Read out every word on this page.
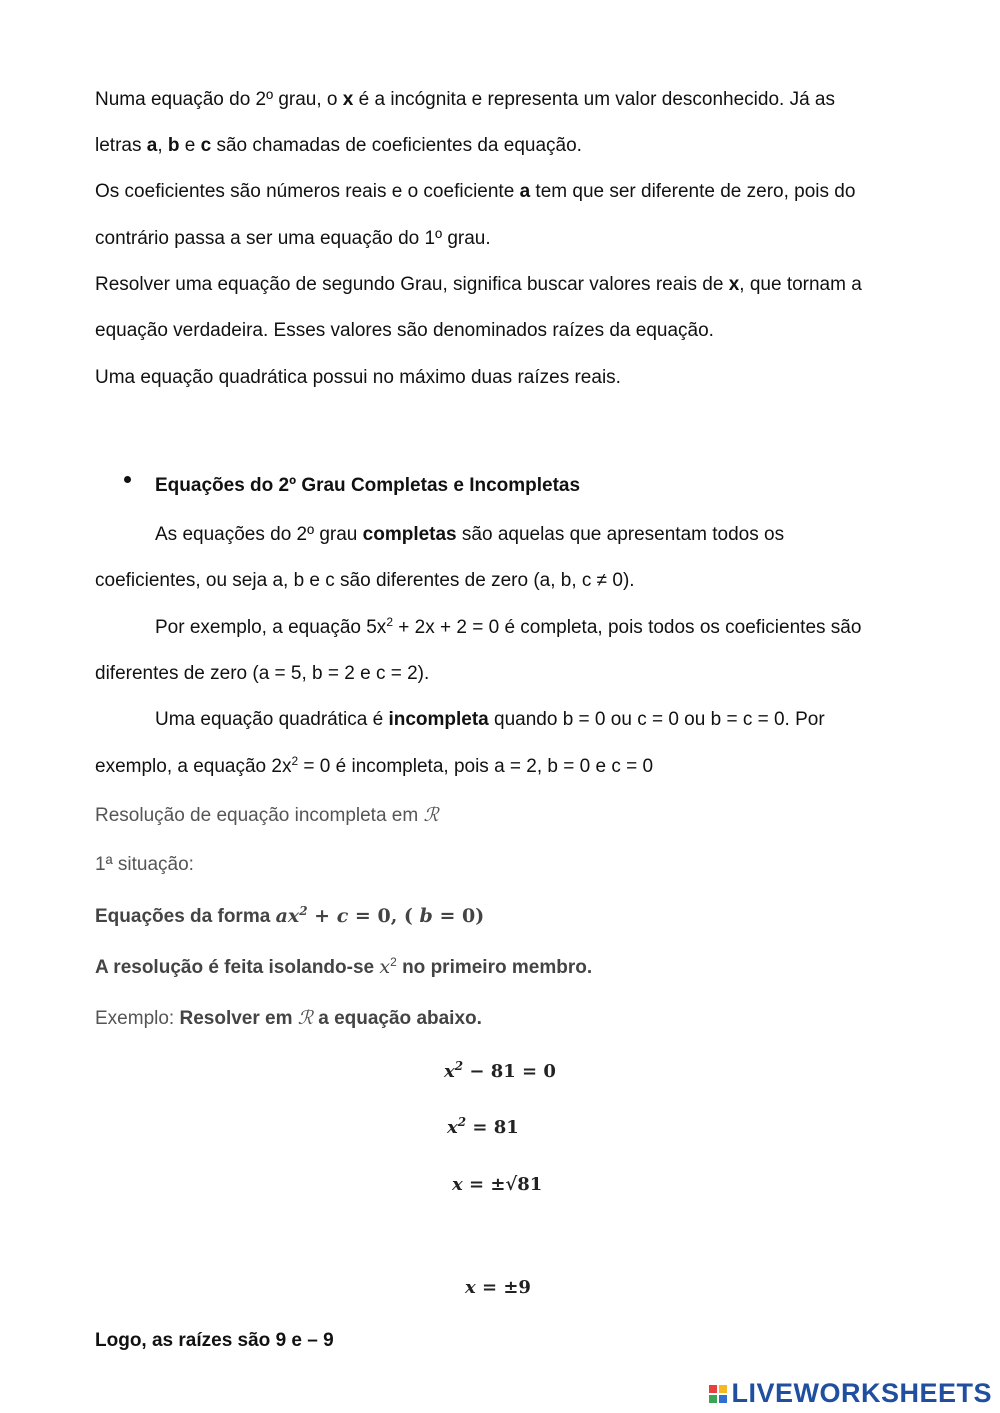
Numa equação do 2º grau, o x é a incógnita e representa um valor desconhecido. Já as
letras a, b e c são chamadas de coeficientes da equação.
Os coeficientes são números reais e o coeficiente a tem que ser diferente de zero, pois do
contrário passa a ser uma equação do 1º grau.
Resolver uma equação de segundo Grau, significa buscar valores reais de x, que tornam a
equação verdadeira. Esses valores são denominados raízes da equação.
Uma equação quadrática possui no máximo duas raízes reais.
Equações do 2º Grau Completas e Incompletas
As equações do 2º grau completas são aquelas que apresentam todos os
coeficientes, ou seja a, b e c são diferentes de zero (a, b, c ≠ 0).
Por exemplo, a equação $5x^2 + 2x + 2 = 0$ é completa, pois todos os coeficientes são
diferentes de zero (a = 5, b = 2 e c = 2).
Uma equação quadrática é incompleta quando b = 0 ou c = 0 ou b = c = 0. Por
exemplo, a equação $2x^2 = 0$ é incompleta, pois a = 2, b = 0 e c = 0
Resolução de equação incompleta em ℛ
1ª situação:
Equações da forma $ax^2 + c = 0$, ( b = 0)
A resolução é feita isolando-se $x^2$ no primeiro membro.
Exemplo: Resolver em ℛ a equação abaixo.
$x^2 - 81 = 0$
$x^2 = 81$
x = ±√81
x = ±9
Logo, as raízes são 9 e – 9
LIVEWORKSHEETS
